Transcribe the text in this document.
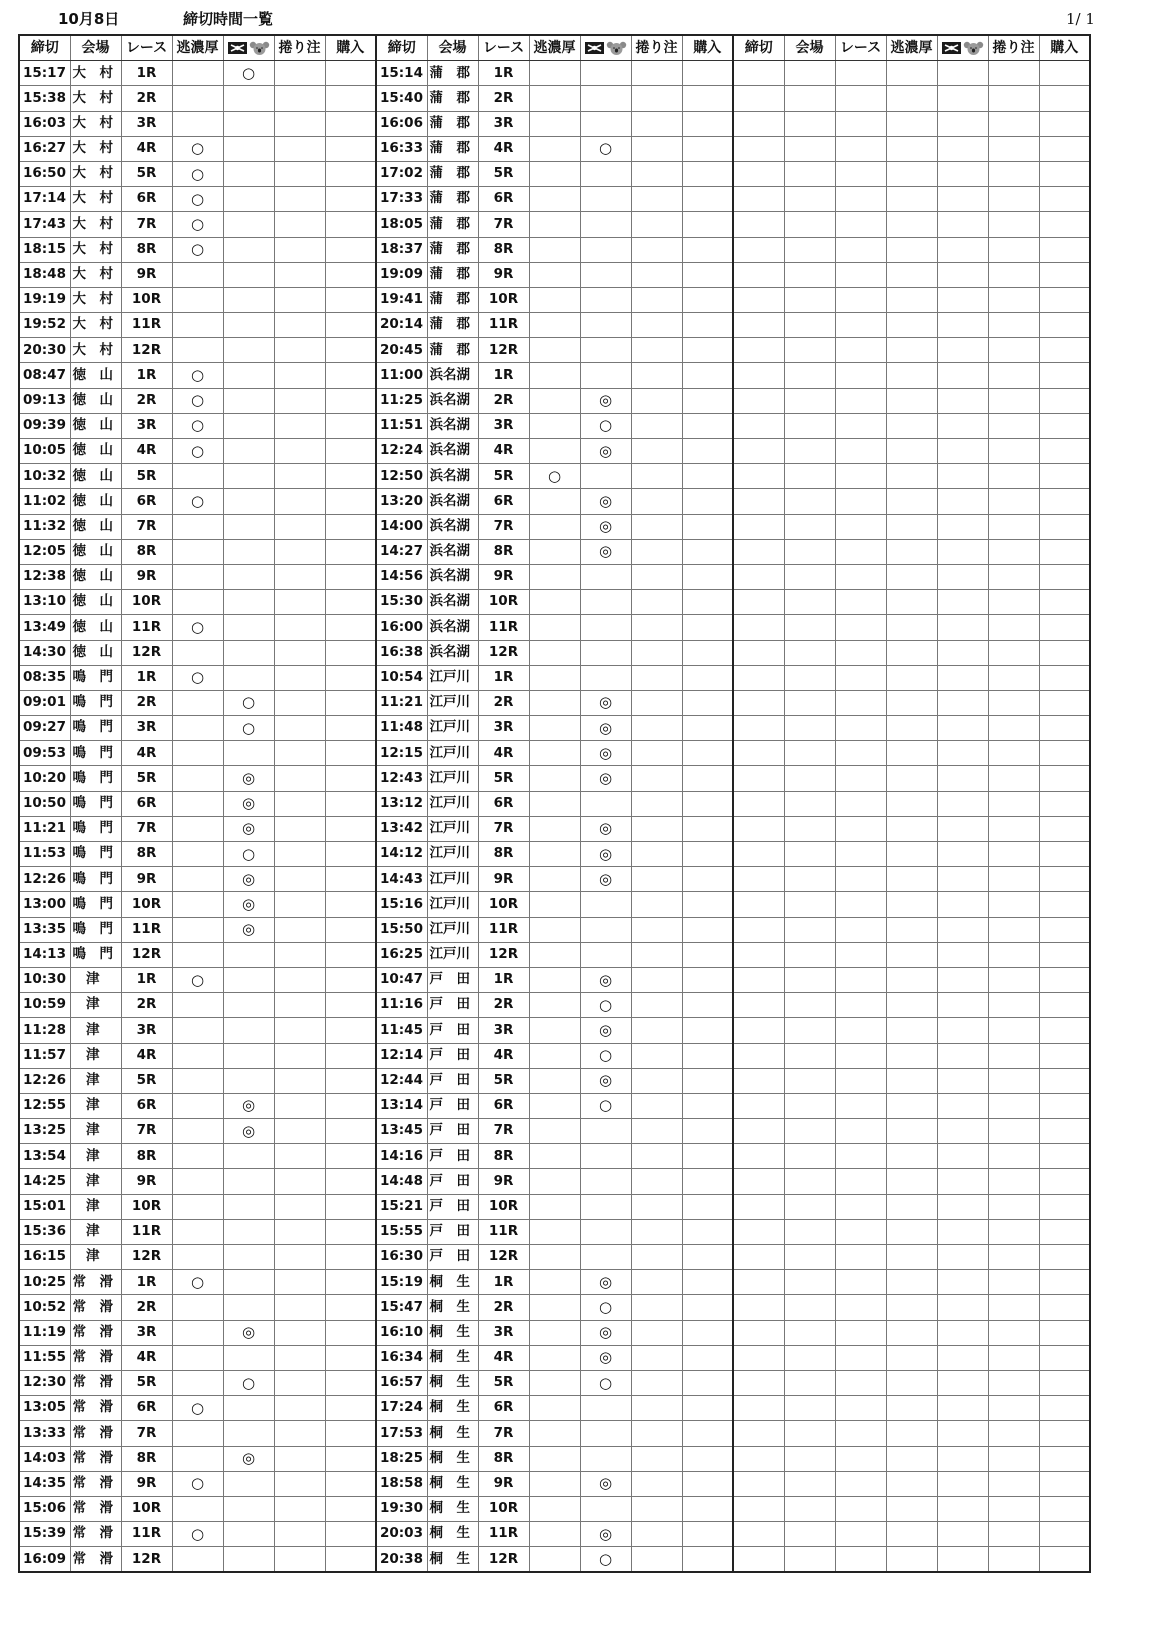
10月8日	締切時間一覧	1/ 1
締切	会場	レース	逃濃厚		捲り注	購入	締切	会場	レース	逃濃厚		捲り注	購入	締切	会場	レース	逃濃厚		捲り注	購入
15:17	大　村	1R		○			15:14	蒲　郡	1R											
15:38	大　村	2R					15:40	蒲　郡	2R											
16:03	大　村	3R					16:06	蒲　郡	3R											
16:27	大　村	4R	○				16:33	蒲　郡	4R		○									
16:50	大　村	5R	○				17:02	蒲　郡	5R											
17:14	大　村	6R	○				17:33	蒲　郡	6R											
17:43	大　村	7R	○				18:05	蒲　郡	7R											
18:15	大　村	8R	○				18:37	蒲　郡	8R											
18:48	大　村	9R					19:09	蒲　郡	9R											
19:19	大　村	10R					19:41	蒲　郡	10R											
19:52	大　村	11R					20:14	蒲　郡	11R											
20:30	大　村	12R					20:45	蒲　郡	12R											
08:47	徳　山	1R	○				11:00	浜名湖	1R											
09:13	徳　山	2R	○				11:25	浜名湖	2R		◎									
09:39	徳　山	3R	○				11:51	浜名湖	3R		○									
10:05	徳　山	4R	○				12:24	浜名湖	4R		◎									
10:32	徳　山	5R					12:50	浜名湖	5R	○										
11:02	徳　山	6R	○				13:20	浜名湖	6R		◎									
11:32	徳　山	7R					14:00	浜名湖	7R		◎									
12:05	徳　山	8R					14:27	浜名湖	8R		◎									
12:38	徳　山	9R					14:56	浜名湖	9R											
13:10	徳　山	10R					15:30	浜名湖	10R											
13:49	徳　山	11R	○				16:00	浜名湖	11R											
14:30	徳　山	12R					16:38	浜名湖	12R											
08:35	鳴　門	1R	○				10:54	江戸川	1R											
09:01	鳴　門	2R		○			11:21	江戸川	2R		◎									
09:27	鳴　門	3R		○			11:48	江戸川	3R		◎									
09:53	鳴　門	4R					12:15	江戸川	4R		◎									
10:20	鳴　門	5R		◎			12:43	江戸川	5R		◎									
10:50	鳴　門	6R		◎			13:12	江戸川	6R											
11:21	鳴　門	7R		◎			13:42	江戸川	7R		◎									
11:53	鳴　門	8R		○			14:12	江戸川	8R		◎									
12:26	鳴　門	9R		◎			14:43	江戸川	9R		◎									
13:00	鳴　門	10R		◎			15:16	江戸川	10R											
13:35	鳴　門	11R		◎			15:50	江戸川	11R											
14:13	鳴　門	12R					16:25	江戸川	12R											
10:30	　津	1R	○				10:47	戸　田	1R		◎									
10:59	　津	2R					11:16	戸　田	2R		○									
11:28	　津	3R					11:45	戸　田	3R		◎									
11:57	　津	4R					12:14	戸　田	4R		○									
12:26	　津	5R					12:44	戸　田	5R		◎									
12:55	　津	6R		◎			13:14	戸　田	6R		○									
13:25	　津	7R		◎			13:45	戸　田	7R											
13:54	　津	8R					14:16	戸　田	8R											
14:25	　津	9R					14:48	戸　田	9R											
15:01	　津	10R					15:21	戸　田	10R											
15:36	　津	11R					15:55	戸　田	11R											
16:15	　津	12R					16:30	戸　田	12R											
10:25	常　滑	1R	○				15:19	桐　生	1R		◎									
10:52	常　滑	2R					15:47	桐　生	2R		○									
11:19	常　滑	3R		◎			16:10	桐　生	3R		◎									
11:55	常　滑	4R					16:34	桐　生	4R		◎									
12:30	常　滑	5R		○			16:57	桐　生	5R		○									
13:05	常　滑	6R	○				17:24	桐　生	6R											
13:33	常　滑	7R					17:53	桐　生	7R											
14:03	常　滑	8R		◎			18:25	桐　生	8R											
14:35	常　滑	9R	○				18:58	桐　生	9R		◎									
15:06	常　滑	10R					19:30	桐　生	10R											
15:39	常　滑	11R	○				20:03	桐　生	11R		◎									
16:09	常　滑	12R					20:38	桐　生	12R		○									
